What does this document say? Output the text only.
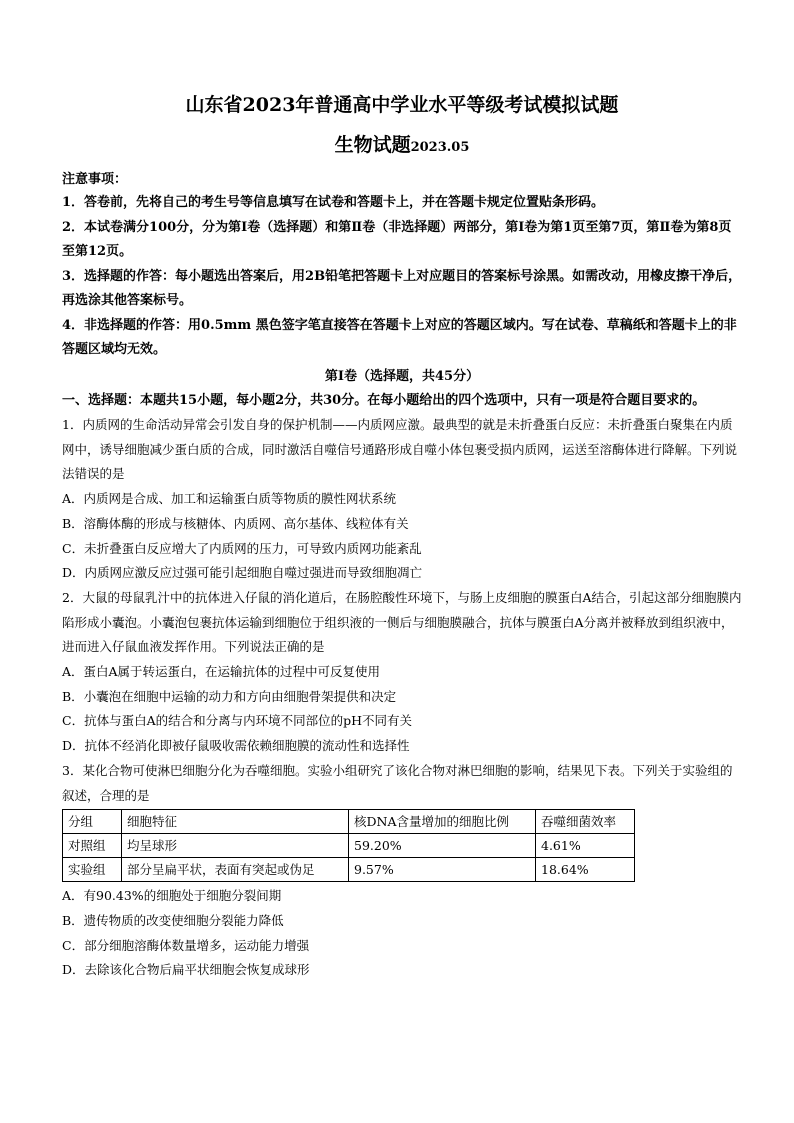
山东省2023年普通高中学业水平等级考试模拟试题
生物试题2023.05

注意事项：

1．答卷前，先将自己的考生号等信息填写在试卷和答题卡上，并在答题卡规定位置贴条形码。

2．本试卷满分100分，分为第Ⅰ卷（选择题）和第Ⅱ卷（非选择题）两部分，第Ⅰ卷为第1页至第7页，第Ⅱ卷为第8页至第12页。

3．选择题的作答：每小题选出答案后，用2B铅笔把答题卡上对应题目的答案标号涂黑。如需改动，用橡皮擦干净后，再选涂其他答案标号。

4．非选择题的作答：用0.5mm 黑色签字笔直接答在答题卡上对应的答题区域内。写在试卷、草稿纸和答题卡上的非答题区域均无效。

第Ⅰ卷（选择题，共45分）

一、选择题：本题共15小题，每小题2分，共30分。在每小题给出的四个选项中，只有一项是符合题目要求的。

1．内质网的生命活动异常会引发自身的保护机制——内质网应激。最典型的就是未折叠蛋白反应：未折叠蛋白聚集在内质网中，诱导细胞减少蛋白质的合成，同时激活自噬信号通路形成自噬小体包裹受损内质网，运送至溶酶体进行降解。下列说法错误的是

A．内质网是合成、加工和运输蛋白质等物质的膜性网状系统

B．溶酶体酶的形成与核糖体、内质网、高尔基体、线粒体有关

C．未折叠蛋白反应增大了内质网的压力，可导致内质网功能紊乱

D．内质网应激反应过强可能引起细胞自噬过强进而导致细胞凋亡

2．大鼠的母鼠乳汁中的抗体进入仔鼠的消化道后，在肠腔酸性环境下，与肠上皮细胞的膜蛋白A结合，引起这部分细胞膜内陷形成小囊泡。小囊泡包裹抗体运输到细胞位于组织液的一侧后与细胞膜融合，抗体与膜蛋白A分离并被释放到组织液中，进而进入仔鼠血液发挥作用。下列说法正确的是

A．蛋白A属于转运蛋白，在运输抗体的过程中可反复使用

B．小囊泡在细胞中运输的动力和方向由细胞骨架提供和决定

C．抗体与蛋白A的结合和分离与内环境不同部位的pH不同有关

D．抗体不经消化即被仔鼠吸收需依赖细胞膜的流动性和选择性

3．某化合物可使淋巴细胞分化为吞噬细胞。实验小组研究了该化合物对淋巴细胞的影响，结果见下表。下列关于实验组的叙述，合理的是

分组	细胞特征	核DNA含量增加的细胞比例	吞噬细菌效率
对照组	均呈球形	59.20%	4.61%
实验组	部分呈扁平状，表面有突起或伪足	9.57%	18.64%

A．有90.43%的细胞处于细胞分裂间期

B．遗传物质的改变使细胞分裂能力降低

C．部分细胞溶酶体数量增多，运动能力增强

D．去除该化合物后扁平状细胞会恢复成球形
